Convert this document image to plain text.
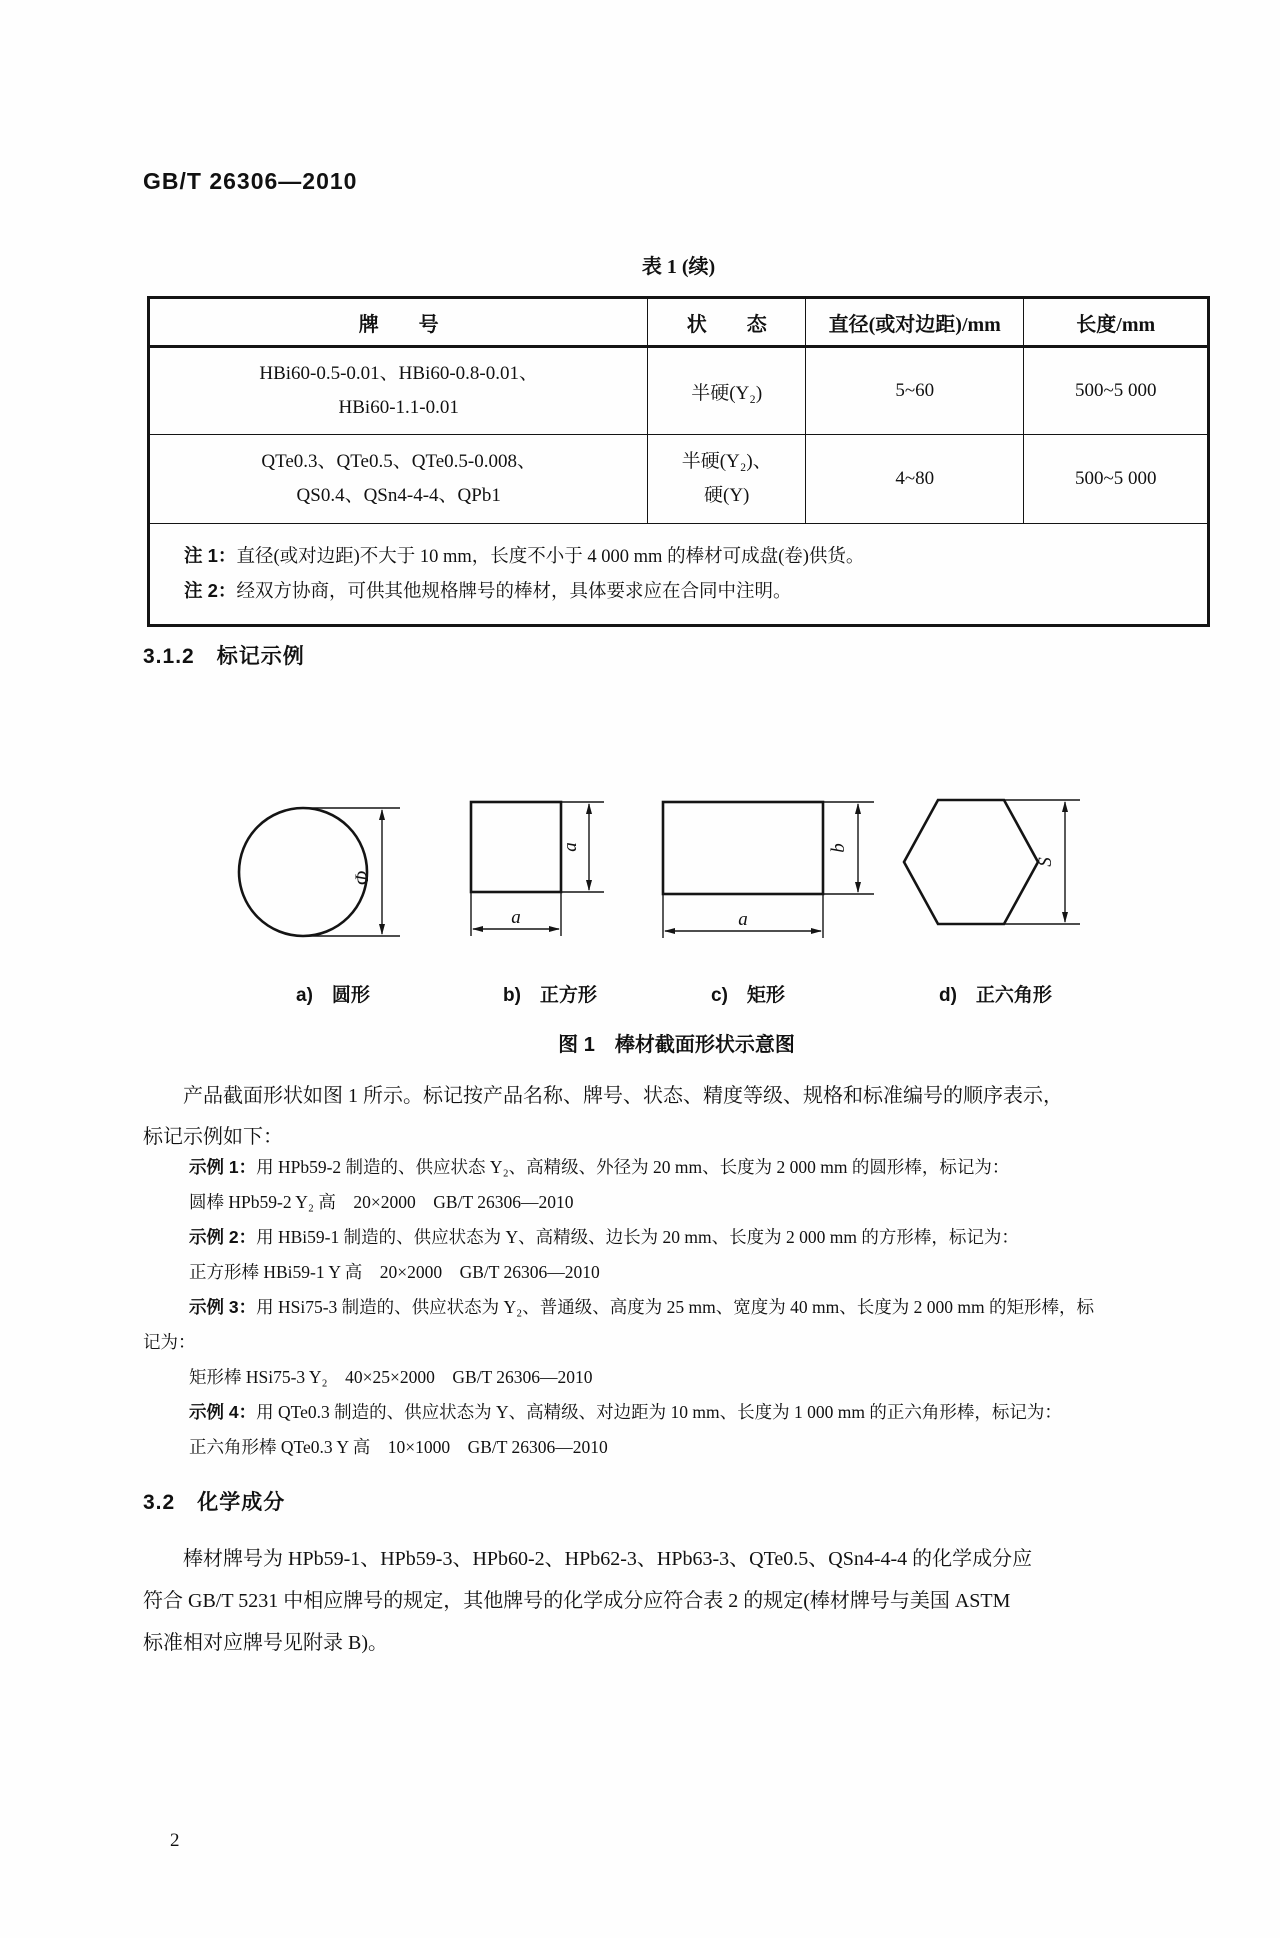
GB/T 26306—2010
表 1 (续)
牌　　号	状　　态	直径(或对边距)/mm	长度/mm

HBi60-0.5-0.01、HBi60-0.8-0.01、
HBi60-1.1-0.01	半硬(Y₂)	5~60	500~5 000

QTe0.3、QTe0.5、QTe0.5-0.008、
QS0.4、QSn4-4-4、QPb1	半硬(Y₂)、
硬(Y)	4~80	500~5 000

注 1：直径(或对边距)不大于 10 mm，长度不小于 4 000 mm 的棒材可成盘(卷)供货。
注 2：经双方协商，可供其他规格牌号的棒材，具体要求应在合同中注明。			
3.1.2　标记示例
Φ
a
a
a
b
S
a)　圆形	b)　正方形	c)　矩形	d)　正六角形
图 1　棒材截面形状示意图
产品截面形状如图 1 所示。标记按产品名称、牌号、状态、精度等级、规格和标准编号的顺序表示，
标记示例如下：
示例 1：用 HPb59-2 制造的、供应状态 Y₂、高精级、外径为 20 mm、长度为 2 000 mm 的圆形棒，标记为：
圆棒 HPb59-2 Y₂ 高　20×2000　GB/T 26306—2010
示例 2：用 HBi59-1 制造的、供应状态为 Y、高精级、边长为 20 mm、长度为 2 000 mm 的方形棒，标记为：
正方形棒 HBi59-1 Y 高　20×2000　GB/T 26306—2010
示例 3：用 HSi75-3 制造的、供应状态为 Y₂、普通级、高度为 25 mm、宽度为 40 mm、长度为 2 000 mm 的矩形棒，标
记为：
矩形棒 HSi75-3 Y₂　40×25×2000　GB/T 26306—2010
示例 4：用 QTe0.3 制造的、供应状态为 Y、高精级、对边距为 10 mm、长度为 1 000 mm 的正六角形棒，标记为：
正六角形棒 QTe0.3 Y 高　10×1000　GB/T 26306—2010
3.2　化学成分
棒材牌号为 HPb59-1、HPb59-3、HPb60-2、HPb62-3、HPb63-3、QTe0.5、QSn4-4-4 的化学成分应
符合 GB/T 5231 中相应牌号的规定，其他牌号的化学成分应符合表 2 的规定(棒材牌号与美国 ASTM
标准相对应牌号见附录 B)。
2
